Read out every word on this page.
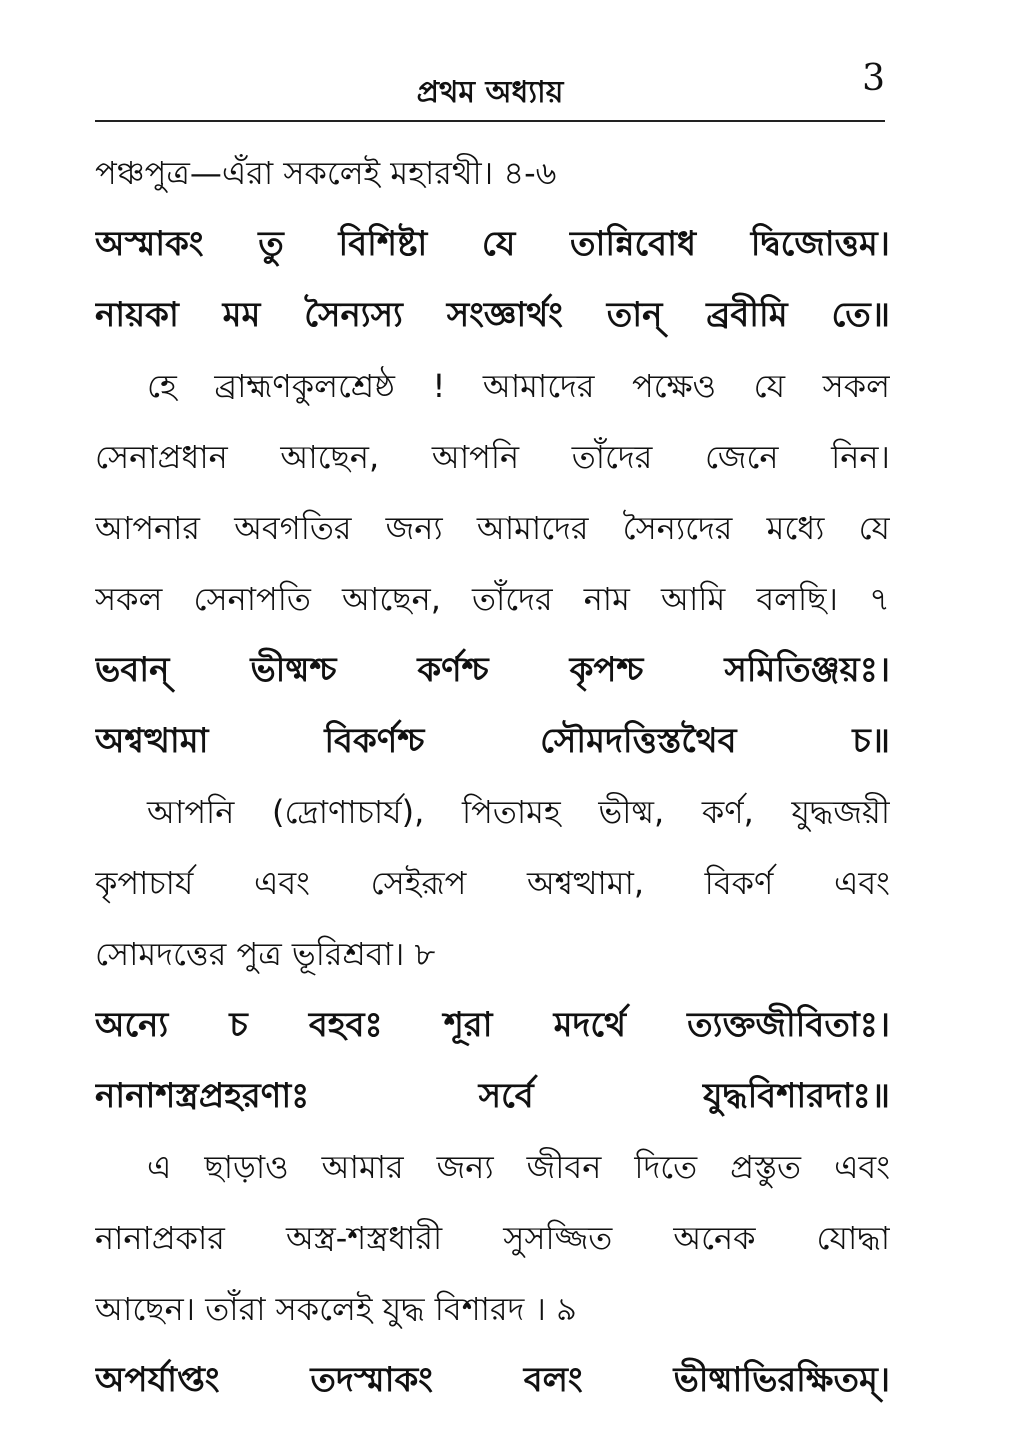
প্রথম অধ্যায়	3
পঞ্চপুত্র—এঁরা সকলেই মহারথী। ৪-৬
অস্মাকং তু বিশিষ্টা যে তান্নিবোধ দ্বিজোত্তম।
নায়কা মম সৈন্যস্য সংজ্ঞার্থং তান্ ব্রবীমি তে॥
হে ব্রাহ্মণকুলশ্রেষ্ঠ ! আমাদের পক্ষেও যে সকল
সেনাপ্রধান আছেন, আপনি তাঁদের জেনে নিন।
আপনার অবগতির জন্য আমাদের সৈন্যদের মধ্যে যে
সকল সেনাপতি আছেন, তাঁদের নাম আমি বলছি। ৭
ভবান্ ভীষ্মশ্চ কর্ণশ্চ কৃপশ্চ সমিতিঞ্জয়ঃ।
অশ্বত্থামা	বিকর্ণশ্চ	সৌমদত্তিস্তথৈব	চ॥
আপনি (দ্রোণাচার্য), পিতামহ ভীষ্ম, কর্ণ, যুদ্ধজয়ী
কৃপাচার্য এবং সেইরূপ অশ্বত্থামা, বিকর্ণ এবং
সোমদত্তের পুত্র ভূরিশ্রবা। ৮
অন্যে চ বহবঃ শূরা মদর্থে ত্যক্তজীবিতাঃ।
নানাশস্ত্রপ্রহরণাঃ	সর্বে	যুদ্ধবিশারদাঃ॥
এ ছাড়াও আমার জন্য জীবন দিতে প্রস্তুত এবং
নানাপ্রকার অস্ত্র-শস্ত্রধারী সুসজ্জিত অনেক যোদ্ধা
আছেন। তাঁরা সকলেই যুদ্ধ বিশারদ । ৯
অপর্যাপ্তং	তদস্মাকং	বলং	ভীষ্মাভিরক্ষিতম্।
